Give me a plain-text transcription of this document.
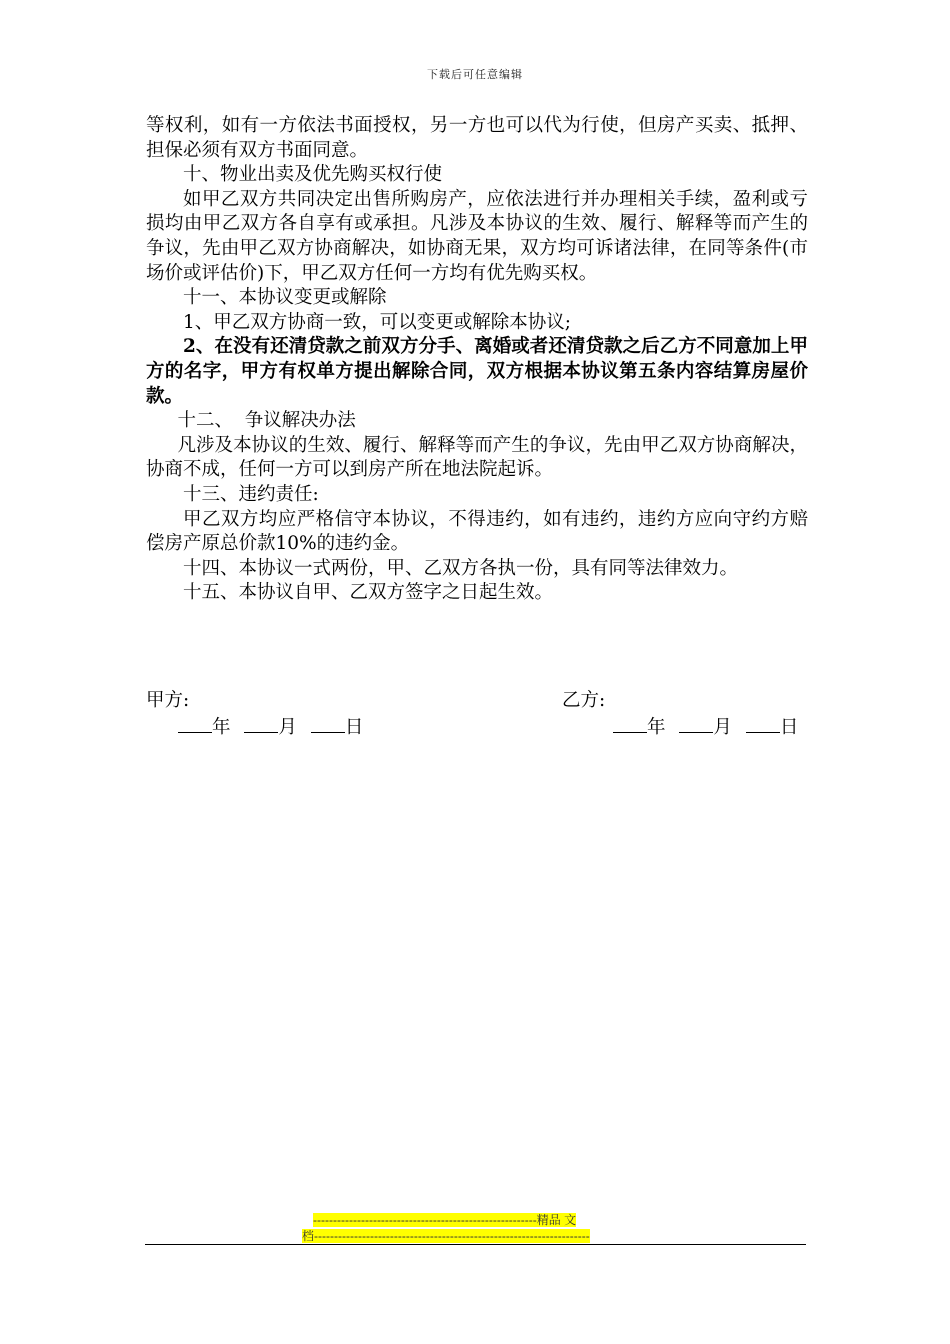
下载后可任意编辑

等权利，如有一方依法书面授权，另一方也可以代为行使，但房产买卖、抵押、担保必须有双方书面同意。

十、物业出卖及优先购买权行使

如甲乙双方共同决定出售所购房产，应依法进行并办理相关手续，盈利或亏损均由甲乙双方各自享有或承担。凡涉及本协议的生效、履行、解释等而产生的争议，先由甲乙双方协商解决，如协商无果，双方均可诉诸法律，在同等条件(市场价或评估价)下，甲乙双方任何一方均有优先购买权。

十一、本协议变更或解除

1、甲乙双方协商一致，可以变更或解除本协议;

2、在没有还清贷款之前双方分手、离婚或者还清贷款之后乙方不同意加上甲方的名字，甲方有权单方提出解除合同，双方根据本协议第五条内容结算房屋价款。

十二、  争议解决办法

凡涉及本协议的生效、履行、解释等而产生的争议，先由甲乙双方协商解决，协商不成，任何一方可以到房产所在地法院起诉。

十三、违约责任:

甲乙双方均应严格信守本协议，不得违约，如有违约，违约方应向守约方赔偿房产原总价款10%的违约金。

十四、本协议一式两份，甲、乙双方各执一份，具有同等法律效力。

十五、本协议自甲、乙双方签字之日起生效。

甲方:	乙方:
年	月	日	年	月	日
--------------------------------------------------------精品 文
档---------------------------------------------------------------------
